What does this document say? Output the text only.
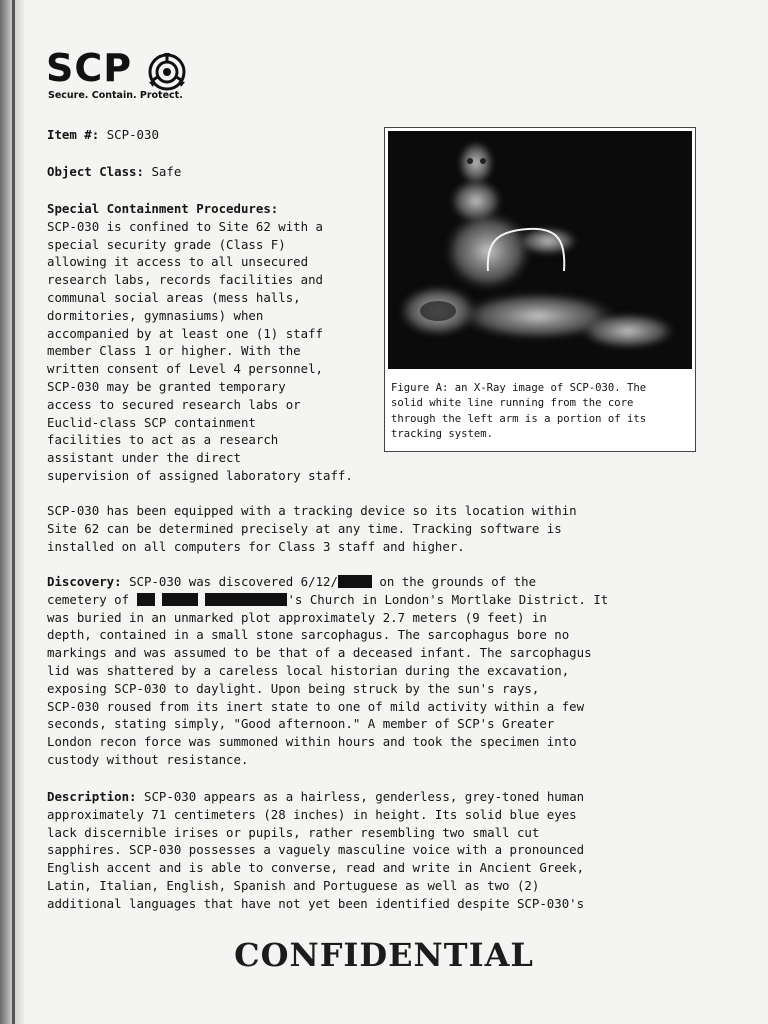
SCP
Secure. Contain. Protect.
Item #: SCP-030
Object Class: Safe
Special Containment Procedures:
SCP-030 is confined to Site 62 with a
special security grade (Class F)
allowing it access to all unsecured
research labs, records facilities and
communal social areas (mess halls,
dormitories, gymnasiums) when
accompanied by at least one (1) staff
member Class 1 or higher. With the
written consent of Level 4 personnel,
SCP-030 may be granted temporary
access to secured research labs or
Euclid-class SCP containment
facilities to act as a research
assistant under the direct
supervision of assigned laboratory staff.
Figure A: an X-Ray image of SCP-030. The
solid white line running from the core
through the left arm is a portion of its
tracking system.
SCP-030 has been equipped with a tracking device so its location within
Site 62 can be determined precisely at any time. Tracking software is
installed on all computers for Class 3 staff and higher.
Discovery: SCP-030 was discovered 6/12/	on the grounds of the
cemetery of	's Church in London's Mortlake District. It
was buried in an unmarked plot approximately 2.7 meters (9 feet) in
depth, contained in a small stone sarcophagus. The sarcophagus bore no
markings and was assumed to be that of a deceased infant. The sarcophagus
lid was shattered by a careless local historian during the excavation,
exposing SCP-030 to daylight. Upon being struck by the sun's rays,
SCP-030 roused from its inert state to one of mild activity within a few
seconds, stating simply, "Good afternoon." A member of SCP's Greater
London recon force was summoned within hours and took the specimen into
custody without resistance.
Description: SCP-030 appears as a hairless, genderless, grey-toned human
approximately 71 centimeters (28 inches) in height. Its solid blue eyes
lack discernible irises or pupils, rather resembling two small cut
sapphires. SCP-030 possesses a vaguely masculine voice with a pronounced
English accent and is able to converse, read and write in Ancient Greek,
Latin, Italian, English, Spanish and Portuguese as well as two (2)
additional languages that have not yet been identified despite SCP-030's
CONFIDENTIAL
